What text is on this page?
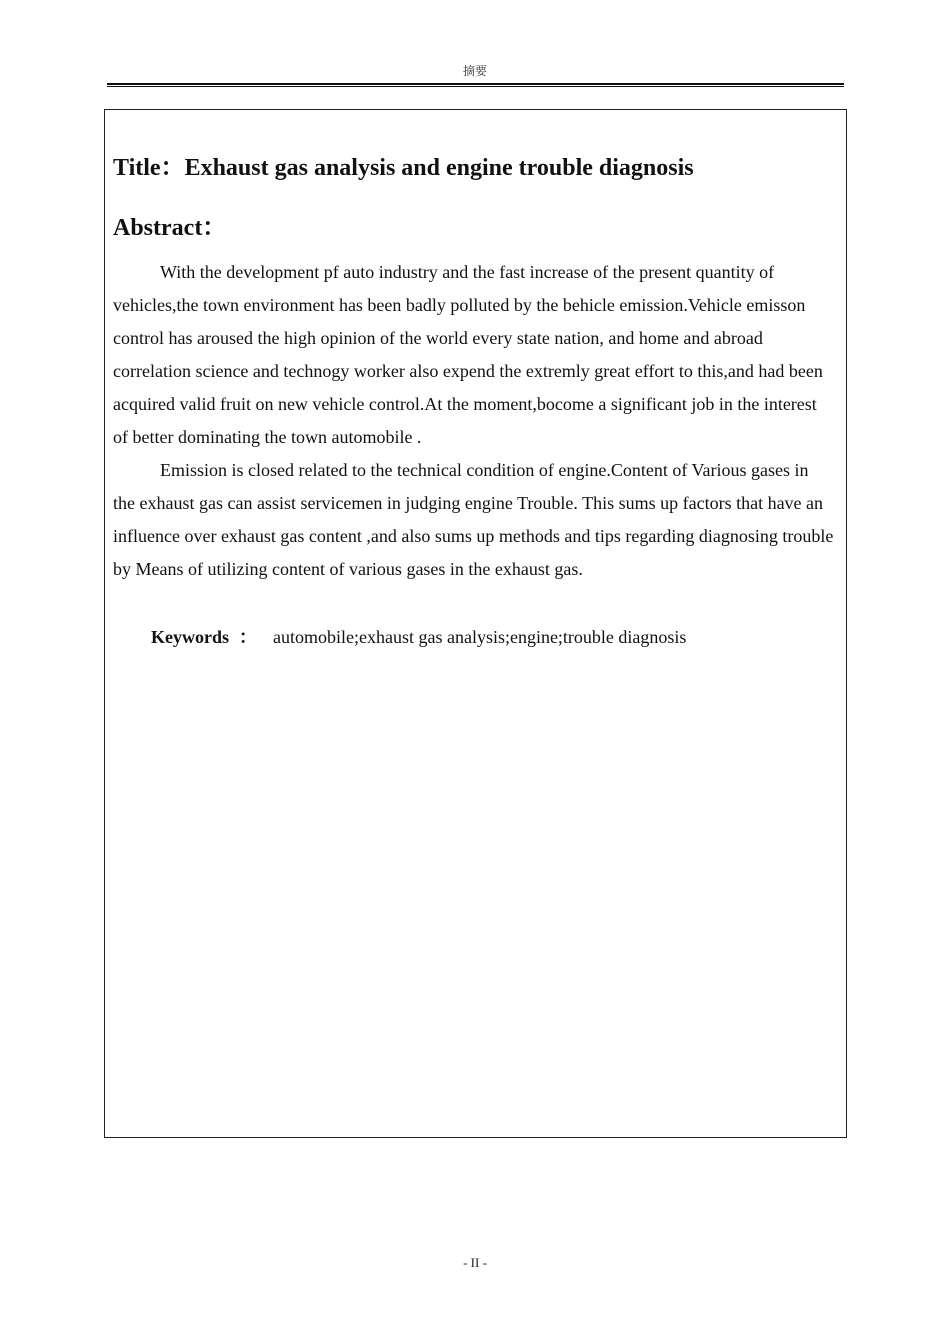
摘要
Title：Exhaust gas analysis and engine trouble diagnosis
Abstract：

With the development pf auto industry and the fast increase of the present quantity of vehicles,the town environment has been badly polluted by the behicle emission.Vehicle emisson control has aroused the high opinion of the world every state nation, and home and abroad correlation science and technogy worker also expend the extremly great effort to this,and had been acquired valid fruit on new vehicle control.At the moment,bocome a significant job in the interest of better dominating the town automobile .

Emission is closed related to the technical condition of engine.Content of Various gases in the exhaust gas can assist servicemen in judging engine Trouble. This sums up factors that have an influence over exhaust gas content ,and also sums up methods and tips regarding diagnosing trouble by Means of utilizing content of various gases in the exhaust gas.

Keywords ： automobile;exhaust gas analysis;engine;trouble diagnosis
- II -
